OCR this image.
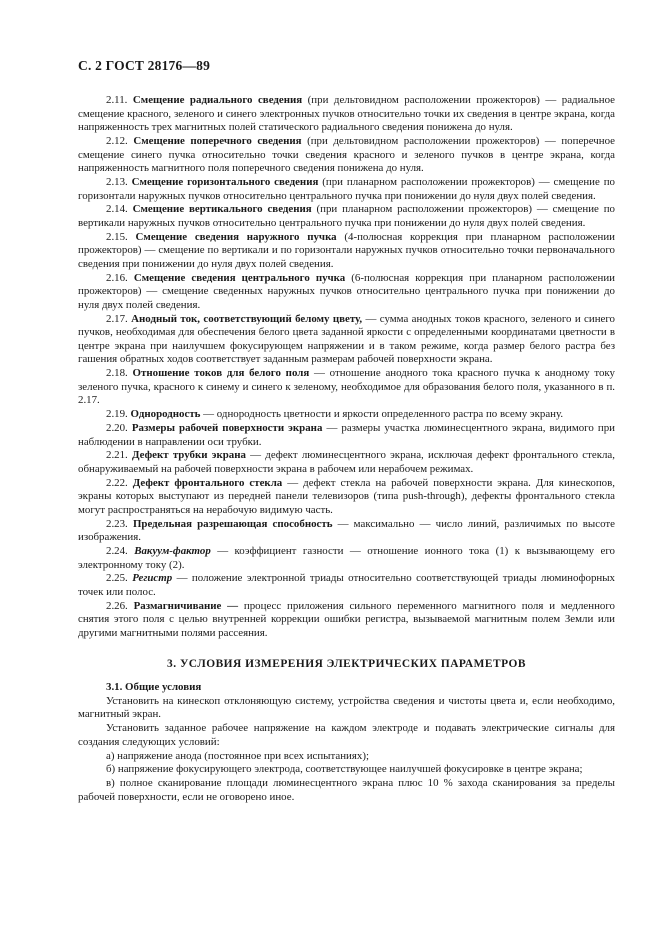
С. 2 ГОСТ 28176—89

2.11. Смещение радиального сведения (при дельтовидном расположении прожекторов) — радиальное смещение красного, зеленого и синего электронных пучков относительно точки их сведения в центре экрана, когда напряженность трех магнитных полей статического радиального сведения понижена до нуля.

2.12. Смещение поперечного сведения (при дельтовидном расположении прожекторов) — поперечное смещение синего пучка относительно точки сведения красного и зеленого пучков в центре экрана, когда напряженность магнитного поля поперечного сведения понижена до нуля.

2.13. Смещение горизонтального сведения (при планарном расположении прожекторов) — смещение по горизонтали наружных пучков относительно центрального пучка при понижении до нуля двух полей сведения.

2.14. Смещение вертикального сведения (при планарном расположении прожекторов) — смещение по вертикали наружных пучков относительно центрального пучка при понижении до нуля двух полей сведения.

2.15. Смещение сведения наружного пучка (4-полюсная коррекция при планарном расположении прожекторов) — смещение по вертикали и по горизонтали наружных пучков относительно точки первоначального сведения при понижении до нуля двух полей сведения.

2.16. Смещение сведения центрального пучка (6-полюсная коррекция при планарном расположении прожекторов) — смещение сведенных наружных пучков относительно центрального пучка при понижении до нуля двух полей сведения.

2.17. Анодный ток, соответствующий белому цвету, — сумма анодных токов красного, зеленого и синего пучков, необходимая для обеспечения белого цвета заданной яркости с определенными координатами цветности в центре экрана при наилучшем фокусирующем напряжении и в таком режиме, когда размер белого растра без гашения обратных ходов соответствует заданным размерам рабочей поверхности экрана.

2.18. Отношение токов для белого поля — отношение анодного тока красного пучка к анодному току зеленого пучка, красного к синему и синего к зеленому, необходимое для образования белого поля, указанного в п. 2.17.

2.19. Однородность — однородность цветности и яркости определенного растра по всему экрану.

2.20. Размеры рабочей поверхности экрана — размеры участка люминесцентного экрана, видимого при наблюдении в направлении оси трубки.

2.21. Дефект трубки экрана — дефект люминесцентного экрана, исключая дефект фронтального стекла, обнаруживаемый на рабочей поверхности экрана в рабочем или нерабочем режимах.

2.22. Дефект фронтального стекла — дефект стекла на рабочей поверхности экрана. Для кинескопов, экраны которых выступают из передней панели телевизоров (типа push-through), дефекты фронтального стекла могут распространяться на нерабочую видимую часть.

2.23. Предельная разрешающая способность — максимально — число линий, различимых по высоте изображения.

2.24. Вакуум-фактор — коэффициент газности — отношение ионного тока (1) к вызывающему его электронному току (2).

2.25. Регистр — положение электронной триады относительно соответствующей триады люминофорных точек или полос.

2.26. Размагничивание — процесс приложения сильного переменного магнитного поля и медленного снятия этого поля с целью внутренней коррекции ошибки регистра, вызываемой магнитным полем Земли или другими магнитными полями рассеяния.

3. УСЛОВИЯ ИЗМЕРЕНИЯ ЭЛЕКТРИЧЕСКИХ ПАРАМЕТРОВ

3.1. Общие условия

Установить на кинескоп отклоняющую систему, устройства сведения и чистоты цвета и, если необходимо, магнитный экран.

Установить заданное рабочее напряжение на каждом электроде и подавать электрические сигналы для создания следующих условий:

а) напряжение анода (постоянное при всех испытаниях);

б) напряжение фокусирующего электрода, соответствующее наилучшей фокусировке в центре экрана;

в) полное сканирование площади люминесцентного экрана плюс 10 % захода сканирования за пределы рабочей поверхности, если не оговорено иное.
